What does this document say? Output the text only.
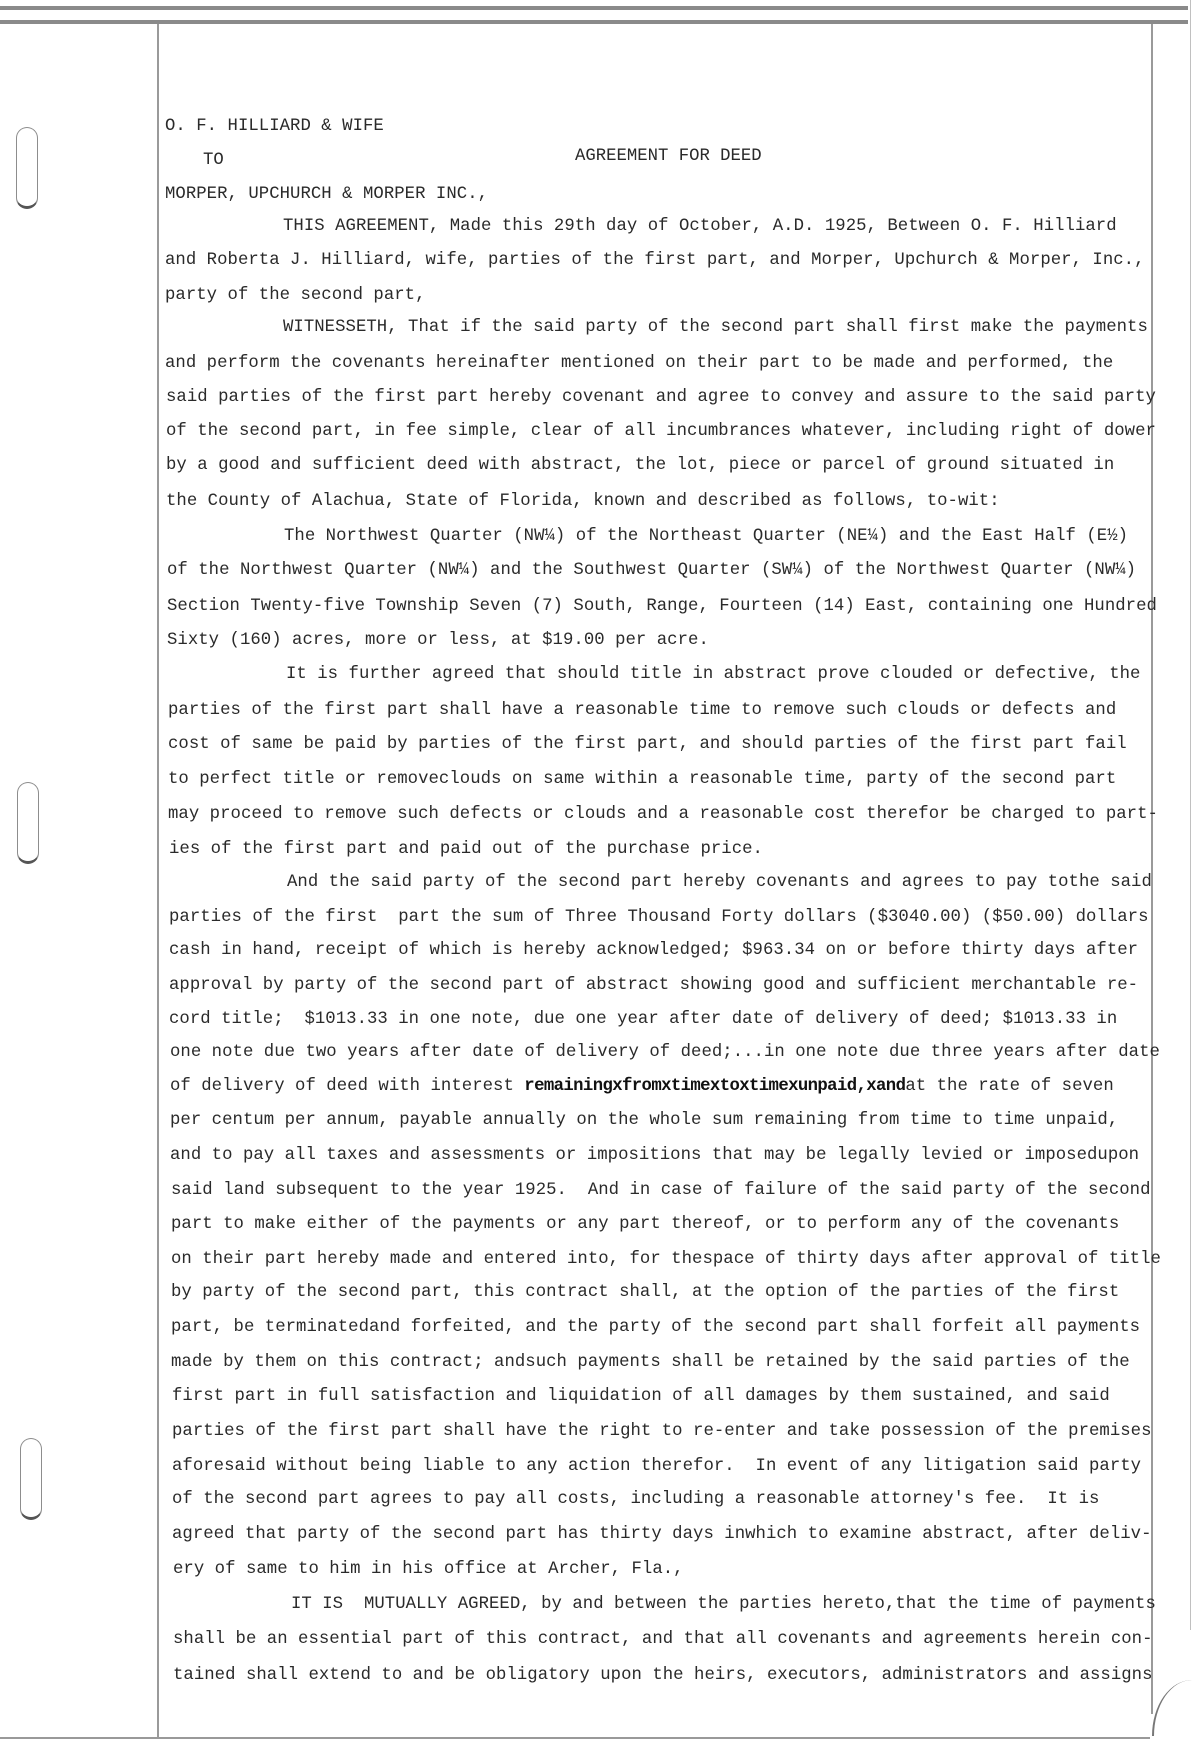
O. F. HILLIARD & WIFE
TO	AGREEMENT FOR DEED
MORPER, UPCHURCH & MORPER INC.,
THIS AGREEMENT, Made this 29th day of October, A.D. 1925, Between O. F. Hilliard
and Roberta J. Hilliard, wife, parties of the first part, and Morper, Upchurch & Morper, Inc.,
party of the second part,
WITNESSETH, That if the said party of the second part shall first make the payments
and perform the covenants hereinafter mentioned on their part to be made and performed, the
said parties of the first part hereby covenant and agree to convey and assure to the said party
of the second part, in fee simple, clear of all incumbrances whatever, including right of dower
by a good and sufficient deed with abstract, the lot, piece or parcel of ground situated in
the County of Alachua, State of Florida, known and described as follows, to-wit:
The Northwest Quarter (NW¼) of the Northeast Quarter (NE¼) and the East Half (E½)
of the Northwest Quarter (NW¼) and the Southwest Quarter (SW¼) of the Northwest Quarter (NW¼)
Section Twenty-five Township Seven (7) South, Range, Fourteen (14) East, containing one Hundred
Sixty (160) acres, more or less, at $19.00 per acre.
It is further agreed that should title in abstract prove clouded or defective, the
parties of the first part shall have a reasonable time to remove such clouds or defects and
cost of same be paid by parties of the first part, and should parties of the first part fail
to perfect title or removeclouds on same within a reasonable time, party of the second part
may proceed to remove such defects or clouds and a reasonable cost therefor be charged to part-
ies of the first part and paid out of the purchase price.
And the said party of the second part hereby covenants and agrees to pay tothe said
parties of the first  part the sum of Three Thousand Forty dollars ($3040.00) ($50.00) dollars
cash in hand, receipt of which is hereby acknowledged; $963.34 on or before thirty days after
approval by party of the second part of abstract showing good and sufficient merchantable re-
cord title;  $1013.33 in one note, due one year after date of delivery of deed; $1013.33 in
one note due two years after date of delivery of deed;...in one note due three years after date
of delivery of deed with interest remainingxfromxtimextoxtimexunpaid,xandat the rate of seven
per centum per annum, payable annually on the whole sum remaining from time to time unpaid,
and to pay all taxes and assessments or impositions that may be legally levied or imposedupon
said land subsequent to the year 1925.  And in case of failure of the said party of the second
part to make either of the payments or any part thereof, or to perform any of the covenants
on their part hereby made and entered into, for thespace of thirty days after approval of title
by party of the second part, this contract shall, at the option of the parties of the first
part, be terminatedand forfeited, and the party of the second part shall forfeit all payments
made by them on this contract; andsuch payments shall be retained by the said parties of the
first part in full satisfaction and liquidation of all damages by them sustained, and said
parties of the first part shall have the right to re-enter and take possession of the premises
aforesaid without being liable to any action therefor.  In event of any litigation said party
of the second part agrees to pay all costs, including a reasonable attorney's fee.  It is
agreed that party of the second part has thirty days inwhich to examine abstract, after deliv-
ery of same to him in his office at Archer, Fla.,
IT IS  MUTUALLY AGREED, by and between the parties hereto,that the time of payments
shall be an essential part of this contract, and that all covenants and agreements herein con-
tained shall extend to and be obligatory upon the heirs, executors, administrators and assigns
